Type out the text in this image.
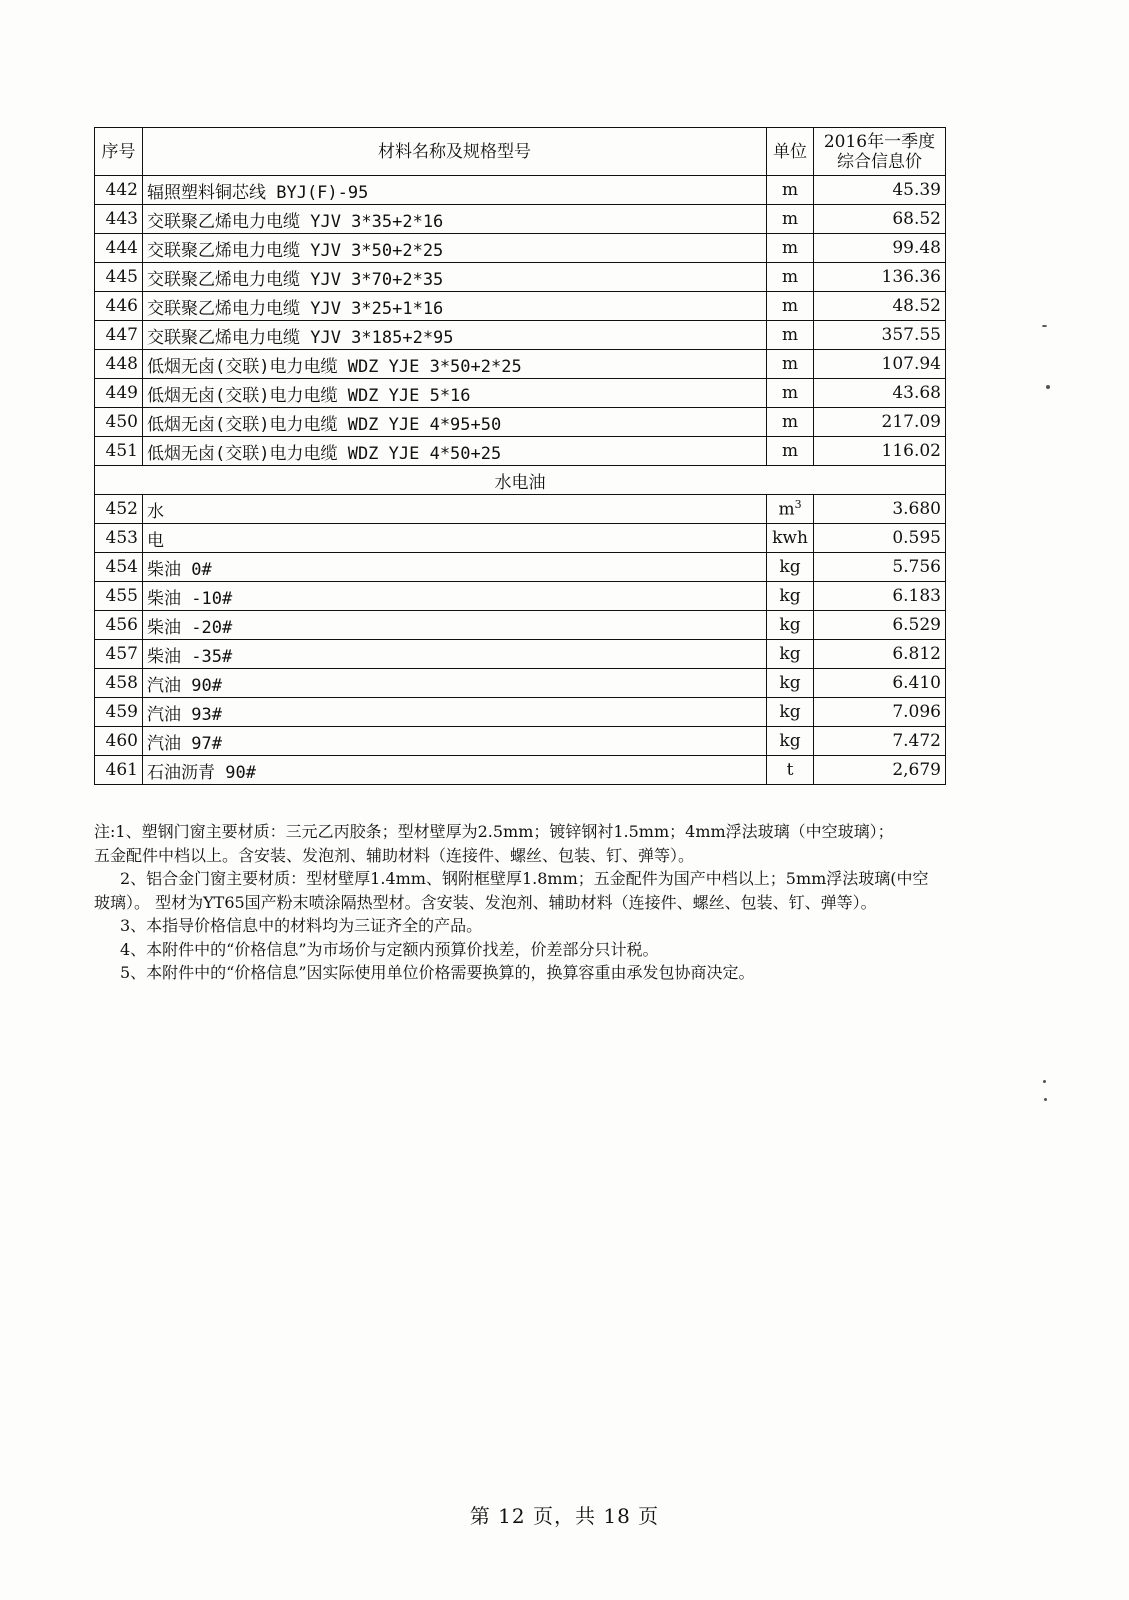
序号	材料名称及规格型号	单位	2016年一季度
综合信息价

442	辐照塑料铜芯线 BYJ(F)-95	m	45.39
443	交联聚乙烯电力电缆 YJV 3*35+2*16	m	68.52
444	交联聚乙烯电力电缆 YJV 3*50+2*25	m	99.48
445	交联聚乙烯电力电缆 YJV 3*70+2*35	m	136.36
446	交联聚乙烯电力电缆 YJV 3*25+1*16	m	48.52
447	交联聚乙烯电力电缆 YJV 3*185+2*95	m	357.55
448	低烟无卤(交联)电力电缆 WDZ YJE 3*50+2*25	m	107.94
449	低烟无卤(交联)电力电缆 WDZ YJE 5*16	m	43.68
450	低烟无卤(交联)电力电缆 WDZ YJE 4*95+50	m	217.09
451	低烟无卤(交联)电力电缆 WDZ YJE 4*50+25	m	116.02
水电油			
452	水	$m^3$	3.680
453	电	kwh	0.595
454	柴油 0#	kg	5.756
455	柴油 -10#	kg	6.183
456	柴油 -20#	kg	6.529
457	柴油 -35#	kg	6.812
458	汽油 90#	kg	6.410
459	汽油 93#	kg	7.096
460	汽油 97#	kg	7.472
461	石油沥青 90#	t	2,679

注:1、塑钢门窗主要材质：三元乙丙胶条；型材壁厚为2.5mm；镀锌钢衬1.5mm；4mm浮法玻璃（中空玻璃）；

五金配件中档以上。含安装、发泡剂、辅助材料（连接件、螺丝、包装、钉、弹等）。

2、铝合金门窗主要材质：型材壁厚1.4mm、钢附框壁厚1.8mm；五金配件为国产中档以上；5mm浮法玻璃(中空玻璃）。 型材为YT65国产粉末喷涂隔热型材。含安装、发泡剂、辅助材料（连接件、螺丝、包装、钉、弹等）。

3、本指导价格信息中的材料均为三证齐全的产品。

4、本附件中的“价格信息”为市场价与定额内预算价找差，价差部分只计税。

5、本附件中的“价格信息”因实际使用单位价格需要换算的，换算容重由承发包协商决定。

第 12 页，共 18 页
